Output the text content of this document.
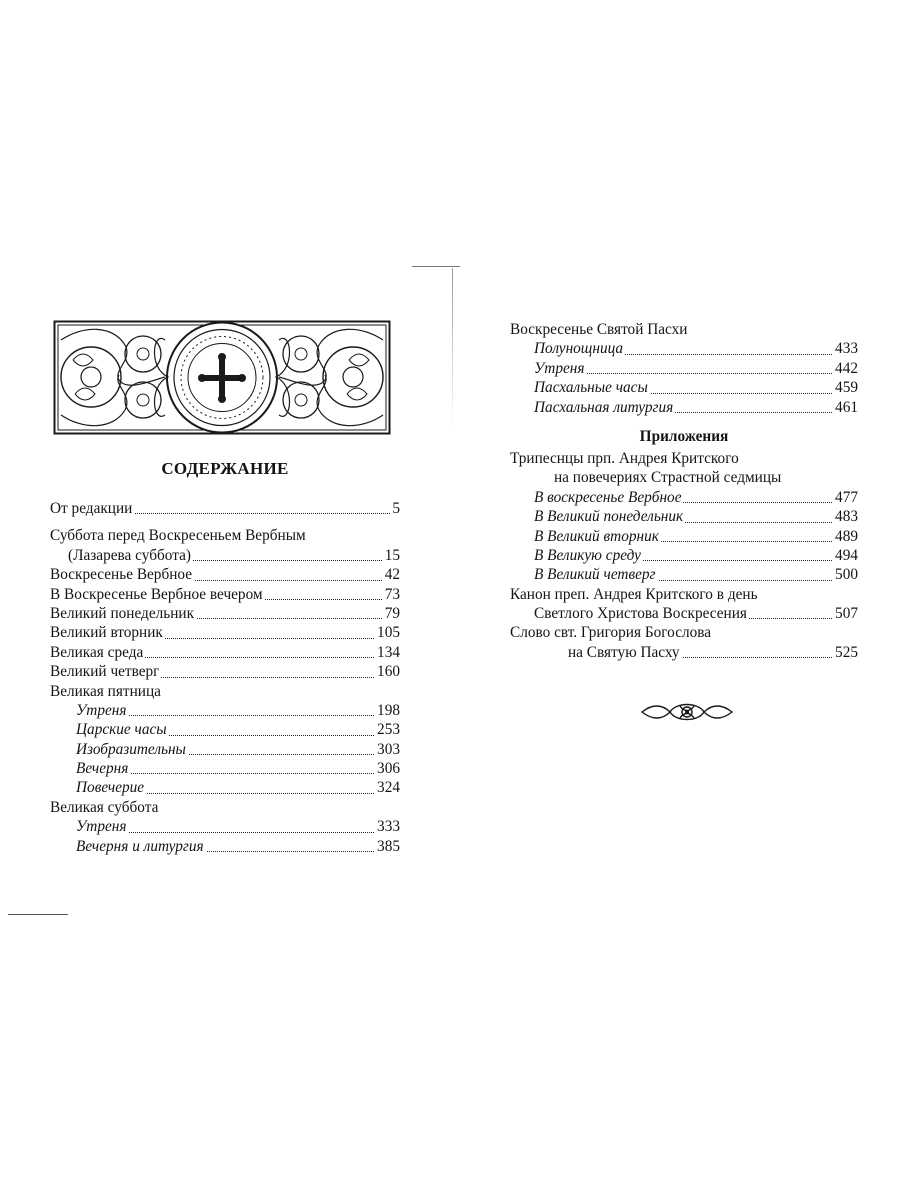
СОДЕРЖАНИЕ
От редакции	5
Суббота перед Воскресеньем Вербным
(Лазарева суббота)	15
Воскресенье Вербное	42
В Воскресенье Вербное вечером	73
Великий понедельник	79
Великий вторник	105
Великая среда	134
Великий четверг	160
Великая пятница
Утреня	198
Царские часы	253
Изобразительны	303
Вечерня	306
Повечерие	324
Великая суббота
Утреня	333
Вечерня и литургия	385
Воскресенье Святой Пасхи
Полунощница	433
Утреня	442
Пасхальные часы	459
Пасхальная литургия	461
Приложения
Трипеснцы прп. Андрея Критского
на повечериях Страстной седмицы
В воскресенье Вербное	477
В Великий понедельник	483
В Великий вторник	489
В Великую среду	494
В Великий четверг	500
Канон преп. Андрея Критского в день
Светлого Христова Воскресения	507
Слово свт. Григория Богослова
на Святую Пасху	525
